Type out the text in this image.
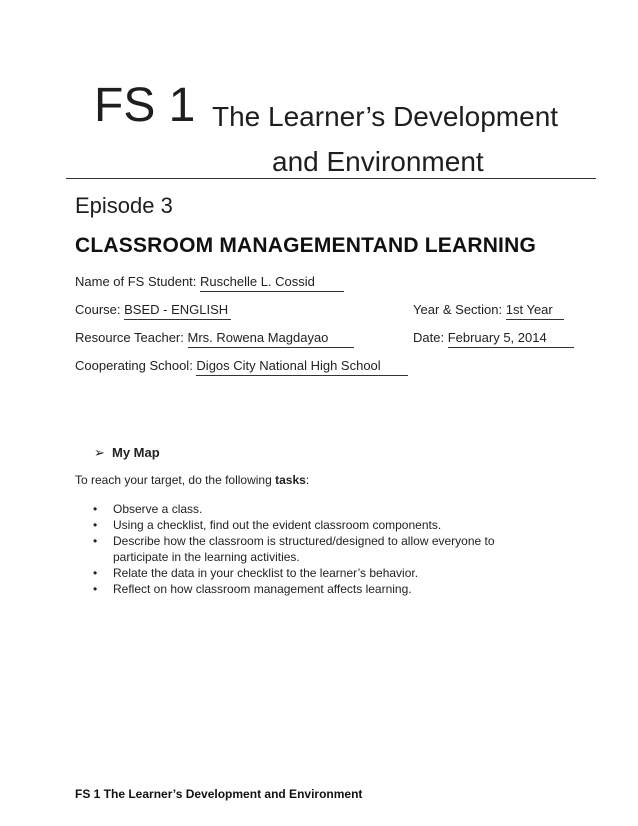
FS 1 The Learner’s Development
and Environment
Episode 3
CLASSROOM MANAGEMENTAND LEARNING
Name of FS Student: Ruschelle L. Cossid
Course: BSED - ENGLISH	Year & Section: 1st Year
Resource Teacher: Mrs. Rowena Magdayao	Date: February 5, 2014
Cooperating School: Digos City National High School
➢ My Map
To reach your target, do the following tasks:
• Observe a class.
• Using a checklist, find out the evident classroom components.
• Describe how the classroom is structured/designed to allow everyone to participate in the learning activities.
• Relate the data in your checklist to the learner’s behavior.
• Reflect on how classroom management affects learning.
FS 1 The Learner’s Development and Environment
